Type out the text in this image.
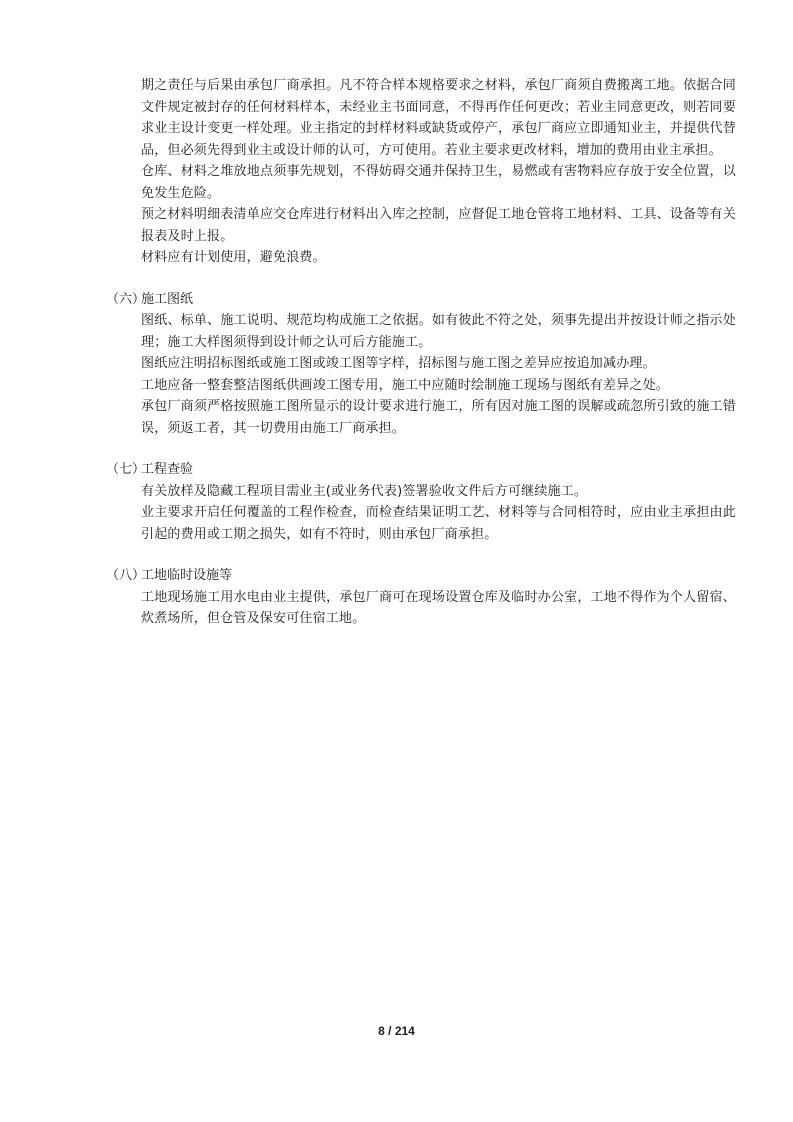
期之责任与后果由承包厂商承担。凡不符合样本规格要求之材料，承包厂商须自费搬离工地。依据合同文件规定被封存的任何材料样本，未经业主书面同意，不得再作任何更改；若业主同意更改，则若同要求业主设计变更一样处理。业主指定的封样材料或缺货或停产，承包厂商应立即通知业主，并提供代替品，但必须先得到业主或设计师的认可，方可使用。若业主要求更改材料，增加的费用由业主承担。

仓库、材料之堆放地点须事先规划，不得妨碍交通并保持卫生，易燃或有害物料应存放于安全位置，以免发生危险。

预之材料明细表清单应交仓库进行材料出入库之控制，应督促工地仓管将工地材料、工具、设备等有关报表及时上报。

材料应有计划使用，避免浪费。

（六）
施工图纸

图纸、标单、施工说明、规范均构成施工之依据。如有彼此不符之处，须事先提出并按设计师之指示处理；施工大样图须得到设计师之认可后方能施工。

图纸应注明招标图纸或施工图或竣工图等字样，招标图与施工图之差异应按追加减办理。

工地应备一整套整洁图纸供画竣工图专用，施工中应随时绘制施工现场与图纸有差异之处。

承包厂商须严格按照施工图所显示的设计要求进行施工，所有因对施工图的误解或疏忽所引致的施工错误，须返工者，其一切费用由施工厂商承担。

（七）
工程查验

有关放样及隐藏工程项目需业主(或业务代表)签署验收文件后方可继续施工。

业主要求开启任何覆盖的工程作检查，而检查结果证明工艺、材料等与合同相符时，应由业主承担由此引起的费用或工期之损失，如有不符时，则由承包厂商承担。

（八）
工地临时设施等

工地现场施工用水电由业主提供，承包厂商可在现场设置仓库及临时办公室，工地不得作为个人留宿、炊煮场所，但仓管及保安可住宿工地。

8 / 214
